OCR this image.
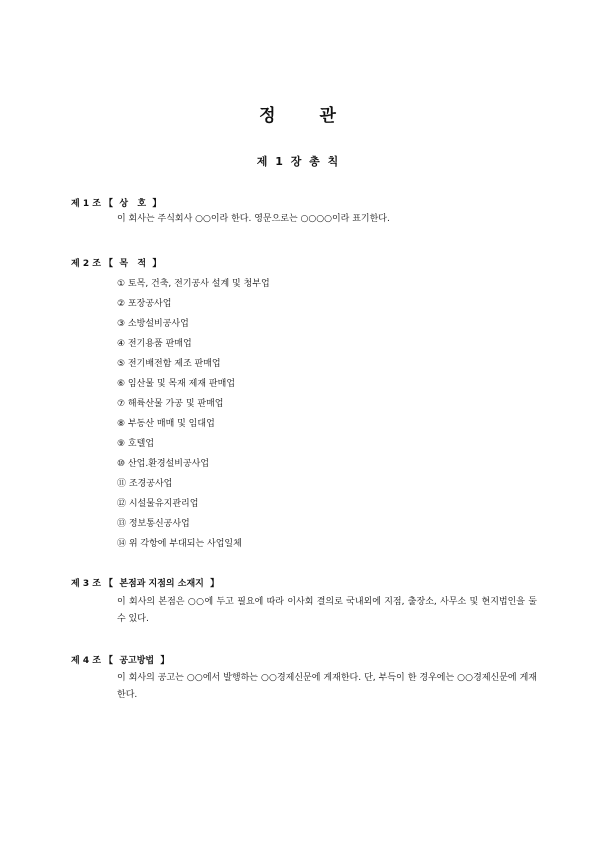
정	관
제 1 장 총 칙
제 1 조 【  상   호  】
이 회사는 주식회사 ○○이라 한다. 영문으로는 ○○○○이라 표기한다.
제 2 조 【  목   적  】
① 토목, 건축, 전기공사 설계 및 청부업
② 포장공사업
③ 소방설비공사업
④ 전기용품 판매업
⑤ 전기배전함 제조 판매업
⑥ 임산물 및 목재 제재 판매업
⑦ 해륙산물 가공 및 판매업
⑧ 부동산 매매 및 임대업
⑨ 호텔업
⑩ 산업.환경설비공사업
⑪ 조경공사업
⑫ 시설물유지관리업
⑬ 정보통신공사업
⑭ 위 각항에 부대되는 사업일체
제 3 조 【  본점과 지점의 소재지  】
이 회사의 본점은 ○○에 두고 필요에 따라 이사회 결의로 국내외에 지점, 출장소, 사무소 및 현지법인을 둘 수 있다.
제 4 조 【  공고방법  】
이 회사의 공고는 ○○에서 발행하는 ○○경제신문에 게재한다. 단, 부득이 한 경우에는 ○○경제신문에 게재한다.
